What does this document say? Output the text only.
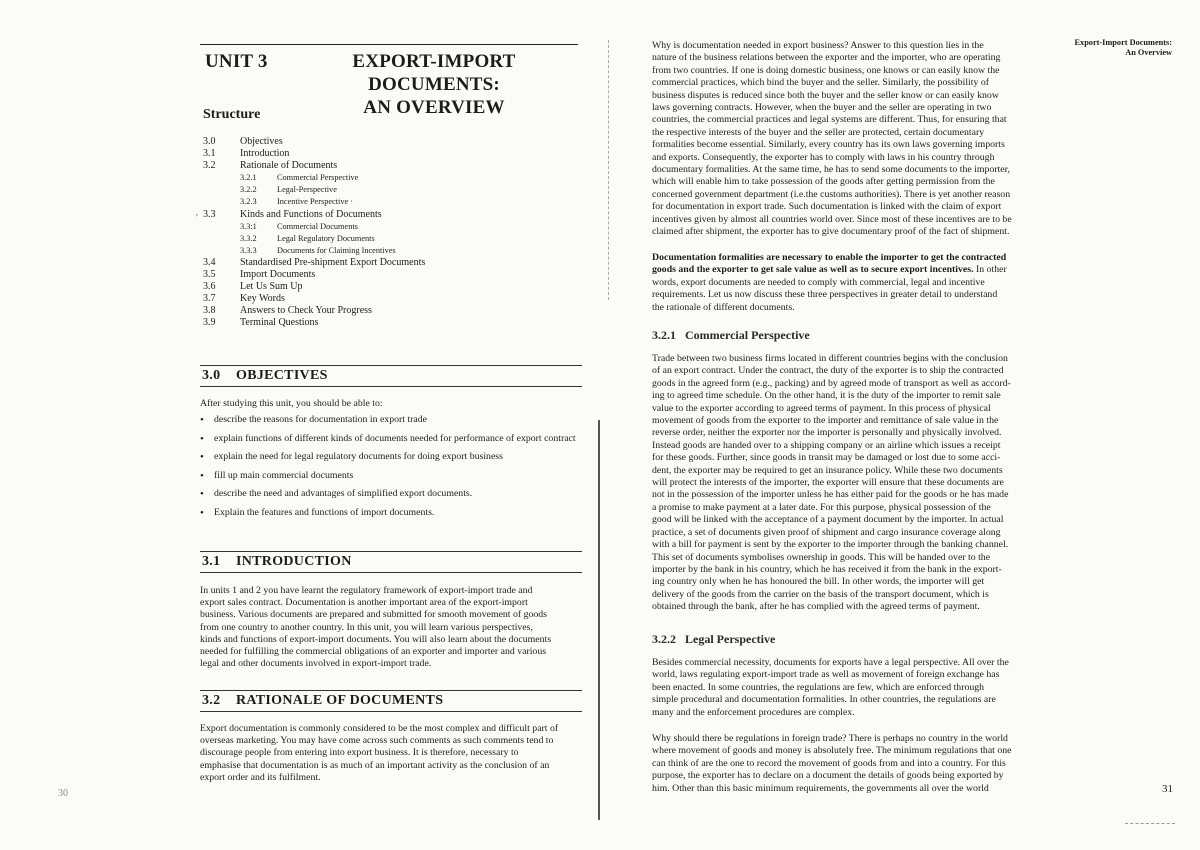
UNIT 3	EXPORT-IMPORT DOCUMENTS:
AN OVERVIEW
Structure
3.0	Objectives
3.1	Introduction
3.2	Rationale of Documents
3.2.1	Commercial Perspective
3.2.2	Legal-Perspective
3.2.3	Incentive Perspective ·
3.3	Kinds and Functions of Documents
3.3:1	Commercial Documents
3.3.2	Legal Regulatory Documents
3.3.3	Documents for Claiming Incentives
3.4	Standardised Pre-shipment Export Documents
3.5	Import Documents
3.6	Let Us Sum Up
3.7	Key Words
3.8	Answers to Check Your Progress
3.9	Terminal Questions
'
3.0 OBJECTIVES
After studying this unit, you should be able to:
•	describe the reasons for documentation in export trade
•	explain functions of different kinds of documents needed for performance of export contract
•	explain the need for legal regulatory documents for doing export business
•	fill up main commercial documents
•	describe the need and advantages of simplified export documents.
•	Explain the features and functions of import documents.
3.1 INTRODUCTION
In units 1 and 2 you have learnt the regulatory framework of export-import trade and
export sales contract. Documentation is another important area of the export-import
business. Various documents are prepared and submitted for smooth movement of goods
from one country to another country. In this unit, you will learn various perspectives,
kinds and functions of export-import documents. You will also learn about the documents
needed for fulfilling the commercial obligations of an exporter and importer and various
legal and other documents involved in export-import trade.
3.2 RATIONALE OF DOCUMENTS
Export documentation is commonly considered to be the most complex and difficult part of
overseas marketing. You may have come across such comments as such comments tend to
discourage people from entering into export business. It is therefore, necessary to
emphasise that documentation is as much of an important activity as the conclusion of an
export order and its fulfilment.
30
Export-Import Documents:
An Overview
Why is documentation needed in export business? Answer to this question lies in the
nature of the business relations between the exporter and the importer, who are operating
from two countries. If one is doing domestic business, one knows or can easily know the
commercial practices, which bind the buyer and the seller. Similarly, the possibility of
business disputes is reduced since both the buyer and the seller know or can easily know
laws governing contracts. However, when the buyer and the seller are operating in two
countries, the commercial practices and legal systems are different. Thus, for ensuring that
the respective interests of the buyer and the seller are protected, certain documentary
formalities become essential. Similarly, every country has its own laws governing imports
and exports. Consequently, the exporter has to comply with laws in his country through
documentary formalities. At the same time, he has to send some documents to the importer,
which will enable him to take possession of the goods after getting permission from the
concerned government department (i.e.the customs authorities). There is yet another reason
for documentation in export trade. Such documentation is linked with the claim of export
incentives given by almost all countries world over. Since most of these incentives are to be
claimed after shipment, the exporter has to give documentary proof of the fact of shipment.
Documentation formalities are necessary to enable the importer to get the contracted
goods and the exporter to get sale value as well as to secure export incentives. In other
words, export documents are needed to comply with commercial, legal and incentive
requirements. Let us now discuss these three perspectives in greater detail to understand
the rationale of different documents.
3.2.1 Commercial Perspective
Trade between two business firms located in different countries begins with the conclusion
of an export contract. Under the contract, the duty of the exporter is to ship the contracted
goods in the agreed form (e.g., packing) and by agreed mode of transport as well as accord-
ing to agreed time schedule. On the other hand, it is the duty of the importer to remit sale
value to the exporter according to agreed terms of payment. In this process of physical
movement of goods from the exporter to the importer and remittance of sale value in the
reverse order, neither the exporter nor the importer is personally and physically involved.
Instead goods are handed over to a shipping company or an airline which issues a receipt
for these goods. Further, since goods in transit may be damaged or lost due to some acci-
dent, the exporter may be required to get an insurance policy. While these two documents
will protect the interests of the importer, the exporter will ensure that these documents are
not in the possession of the importer unless he has either paid for the goods or he has made
a promise to make payment at a later date. For this purpose, physical possession of the
good will be linked with the acceptance of a payment document by the importer. In actual
practice, a set of documents given proof of shipment and cargo insurance coverage along
with a bill for payment is sent by the exporter to the importer through the banking channel.
This set of documents symbolises ownership in goods. This will be handed over to the
importer by the bank in his country, which he has received it from the bank in the export-
ing country only when he has honoured the bill. In other words, the importer will get
delivery of the goods from the carrier on the basis of the transport document, which is
obtained through the bank, after he has complied with the agreed terms of payment.
3.2.2 Legal Perspective
Besides commercial necessity, documents for exports have a legal perspective. All over the
world, laws regulating export-import trade as well as movement of foreign exchange has
been enacted. In some countries, the regulations are few, which are enforced through
simple procedural and documentation formalities. In other countries, the regulations are
many and the enforcement procedures are complex.
Why should there be regulations in foreign trade? There is perhaps no country in the world
where movement of goods and money is absolutely free. The minimum regulations that one
can think of are the one to record the movement of goods from and into a country. For this
purpose, the exporter has to declare on a document the details of goods being exported by
him. Other than this basic minimum requirements, the governments all over the world	31
